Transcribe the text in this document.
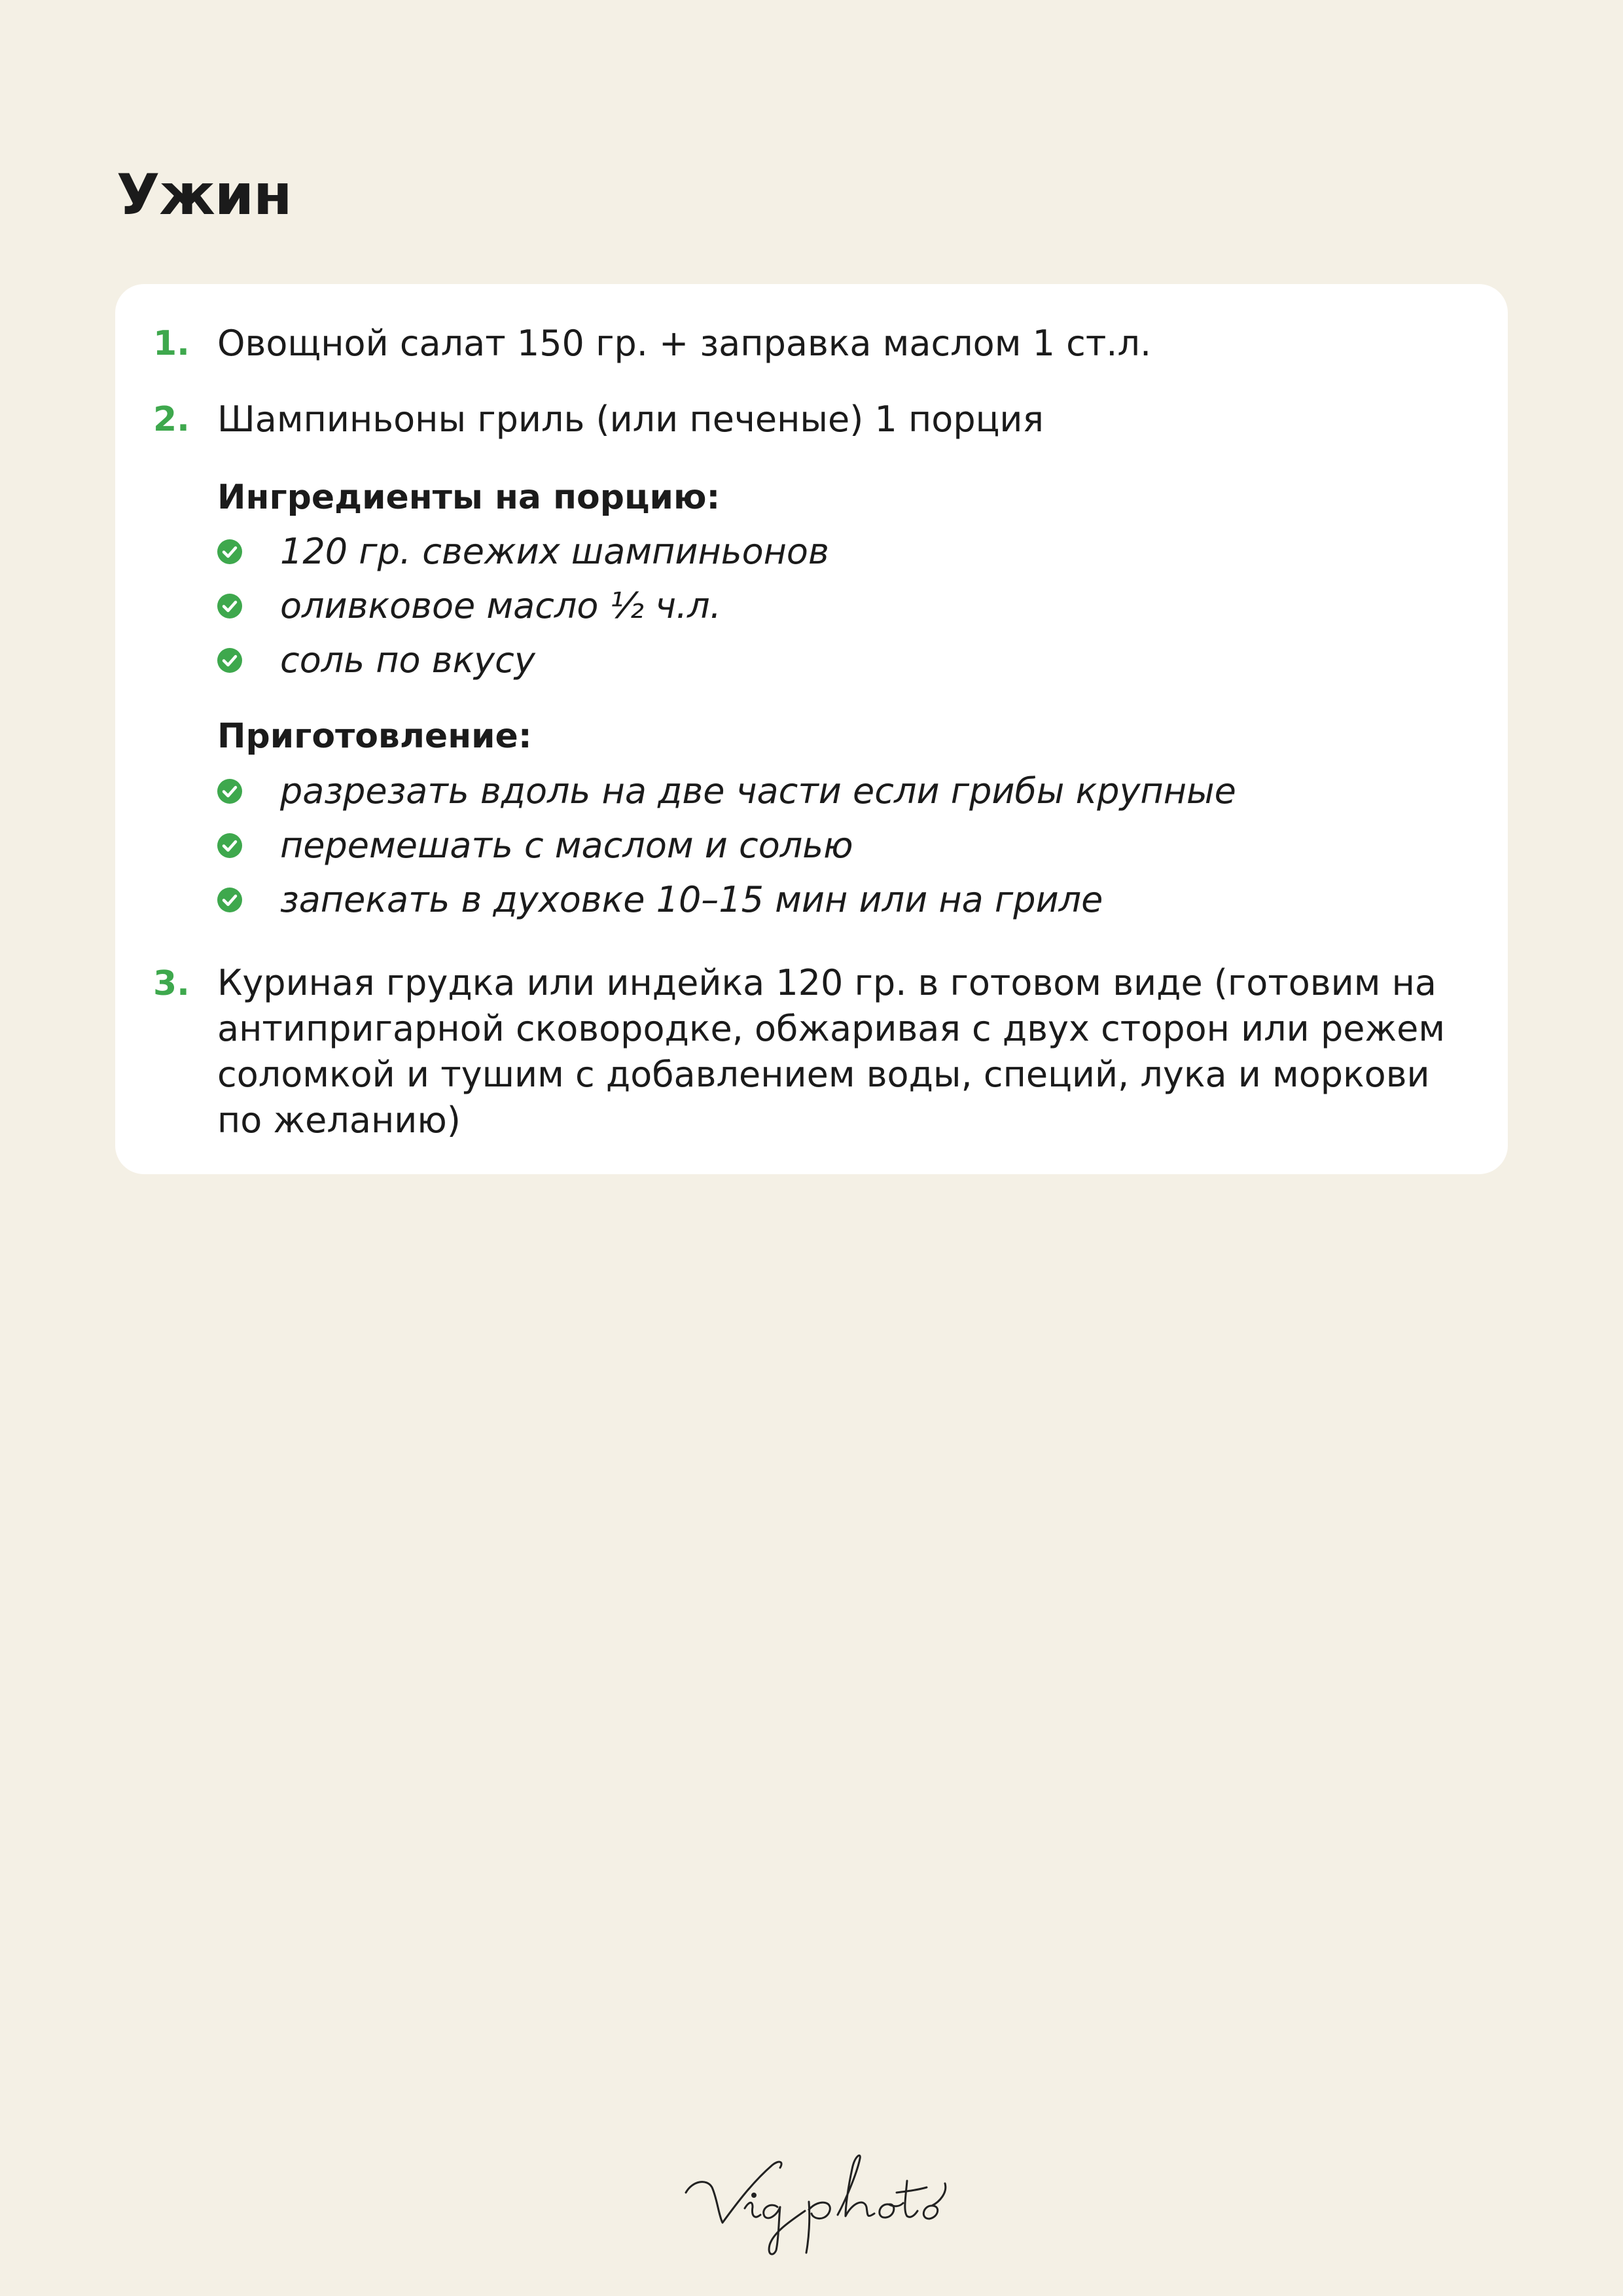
Ужин
1. Овощной салат 150 гр. + заправка маслом 1 ст.л.
2. Шампиньоны гриль (или печеные) 1 порция
Ингредиенты на порцию:
120 гр. свежих шампиньонов
оливковое масло ½ ч.л.
соль по вкусу
Приготовление:
разрезать вдоль на две части если грибы крупные
перемешать с маслом и солью
запекать в духовке 10–15 мин или на гриле
3. Куриная грудка или индейка 120 гр. в готовом виде (готовим на
антипригарной сковородке, обжаривая с двух сторон или режем
соломкой и тушим с добавлением воды, специй, лука и моркови
по желанию)
